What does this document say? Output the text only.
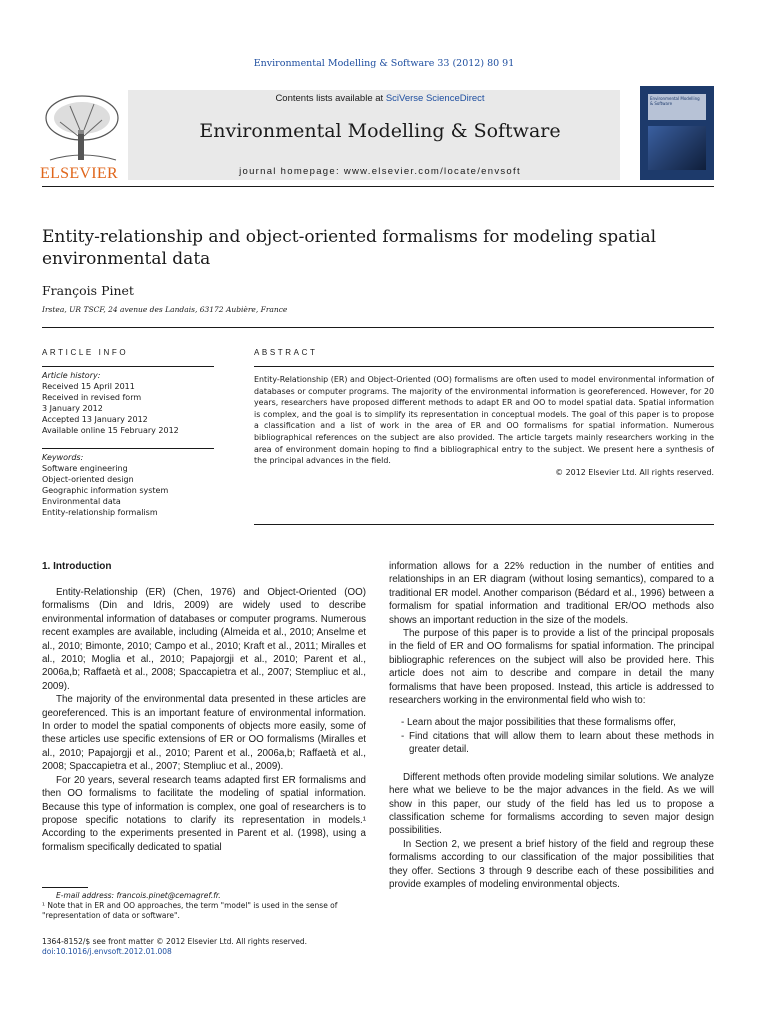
Environmental Modelling & Software 33 (2012) 80 91
ELSEVIER
Contents lists available at SciVerse ScienceDirect
Environmental Modelling & Software
journal homepage: www.elsevier.com/locate/envsoft
Environmental Modelling & Software
Entity-relationship and object-oriented formalisms for modeling spatial environmental data
François Pinet
Irstea, UR TSCF, 24 avenue des Landais, 63172 Aubière, France
ARTICLE INFO
Article history:
Received 15 April 2011
Received in revised form
3 January 2012
Accepted 13 January 2012
Available online 15 February 2012
Keywords:
Software engineering
Object-oriented design
Geographic information system
Environmental data
Entity-relationship formalism
ABSTRACT
Entity-Relationship (ER) and Object-Oriented (OO) formalisms are often used to model environmental information of databases or computer programs. The majority of the environmental information is georeferenced. However, for 20 years, researchers have proposed different methods to adapt ER and OO to model spatial data. Spatial information is complex, and the goal is to simplify its representation in conceptual models. The goal of this paper is to propose a classification and a list of work in the area of ER and OO formalisms for spatial information. Numerous bibliographical references on the subject are also provided. The article targets mainly researchers working in the area of environment domain hoping to find a bibliographical entry to the subject. We present here a synthesis of the principal advances in the field.
© 2012 Elsevier Ltd. All rights reserved.
1. Introduction

Entity-Relationship (ER) (Chen, 1976) and Object-Oriented (OO) formalisms (Din and Idris, 2009) are widely used to describe environmental information of databases or computer programs. Numerous recent examples are available, including (Almeida et al., 2010; Anselme et al., 2010; Bimonte, 2010; Campo et al., 2010; Kraft et al., 2011; Miralles et al., 2010; Moglia et al., 2010; Papajorgji et al., 2010; Parent et al., 2006a,b; Raffaetà et al., 2008; Spaccapietra et al., 2007; Stempliuc et al., 2009).

The majority of the environmental data presented in these articles are georeferenced. This is an important feature of environmental information. In order to model the spatial components of objects more easily, some of these articles use specific extensions of ER or OO formalisms (Miralles et al., 2010; Papajorgji et al., 2010; Parent et al., 2006a,b; Raffaetà et al., 2008; Spaccapietra et al., 2007; Stempliuc et al., 2009).

For 20 years, several research teams adapted first ER formalisms and then OO formalisms to facilitate the modeling of spatial information. Because this type of information is complex, one goal of researchers is to propose specific notations to clarify its representation in models.¹ According to the experiments presented in Parent et al. (1998), using a formalism specifically dedicated to spatial

E-mail address: francois.pinet@cemagref.fr.
¹ Note that in ER and OO approaches, the term "model" is used in the sense of "representation of data or software".
1364-8152/$ see front matter © 2012 Elsevier Ltd. All rights reserved.
doi:10.1016/j.envsoft.2012.01.008

information allows for a 22% reduction in the number of entities and relationships in an ER diagram (without losing semantics), compared to a traditional ER model. Another comparison (Bédard et al., 1996) between a formalism for spatial information and traditional ER/OO methods also shows an important reduction in the size of the models.

The purpose of this paper is to provide a list of the principal proposals in the field of ER and OO formalisms for spatial information. The principal bibliographic references on the subject will also be provided here. This article does not aim to describe and compare in detail the many formalisms that have been proposed. Instead, this article is addressed to researchers working in the environmental field who wish to:

- Learn about the major possibilities that these formalisms offer,
- Find citations that will allow them to learn about these methods in greater detail.

Different methods often provide modeling similar solutions. We analyze here what we believe to be the major advances in the field. As we will show in this paper, our study of the field has led us to propose a classification scheme for formalisms according to seven major design possibilities.

In Section 2, we present a brief history of the field and regroup these formalisms according to our classification of the major possibilities that they offer. Sections 3 through 9 describe each of these possibilities and provide examples of modeling environmental objects.
